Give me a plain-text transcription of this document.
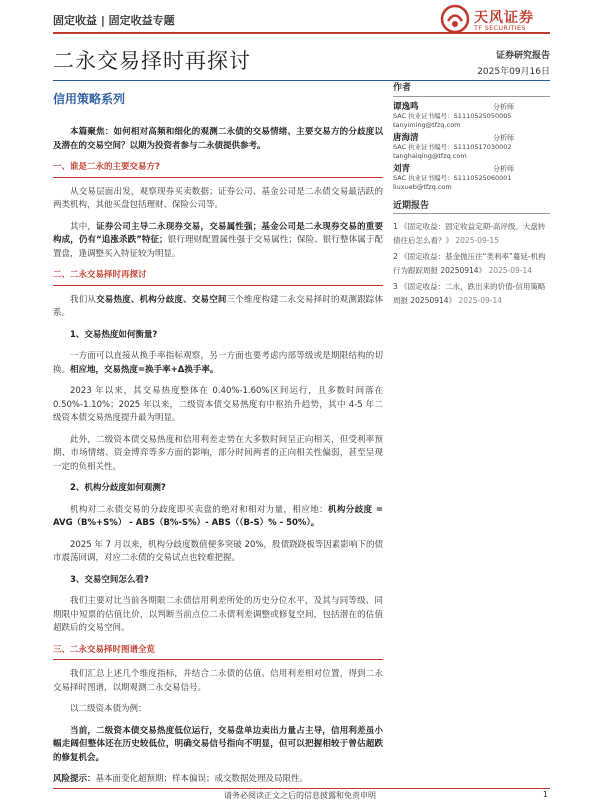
固定收益 | 固定收益专题	天风证券
TF SECURITIES
二永交易择时再探讨	证券研究报告
2025年09月16日
信用策略系列
作者
谭逸鸣	分析师
SAC 执业证书编号：S1110525050005
tanyiming@tfzq.com
唐海清	分析师
SAC 执业证书编号：S1110517030002
tanghaiqing@tfzq.com
刘青	分析师
SAC 执业证书编号：S1110525060001
liuxueb@tfzq.com
近期报告
1 《固定收益：固定收益定期-高评级、大盘转债往后怎么看？》 2025-09-15
2 《固定收益：基金抛压往“类利率”蔓延-机构行为跟踪周报 20250914》 2025-09-14
3 《固定收益：二永，跌出来的价值-信用策略周报 20250914》 2025-09-14

本篇聚焦：如何相对高频和细化的观测二永债的交易情绪、主要交易方的分歧度以及潜在的交易空间？以期为投资者参与二永债提供参考。

一、谁是二永的主要交易方?

从交易层面出发，观察现券买卖数据；证券公司、基金公司是二永债交易最活跃的两类机构，其他买盘包括理财、保险公司等。

其中，证券公司主导二永现券交易，交易属性强；基金公司是二永现券交易的重要构成，仍有“追涨杀跌”特征；银行理财配置属性强于交易属性；保险、银行整体属于配置盘，逢调整买入特征较为明显。

二、二永交易择时再探讨

我们从交易热度、机构分歧度、交易空间三个维度构建二永交易择时的观测跟踪体系。

1、交易热度如何衡量?

一方面可以直接从换手率指标观察，另一方面也要考虑内部等级或是期限结构的切换。相应地，交易热度=换手率+Δ换手率。

2023 年以来，其交易热度整体在 0.40%-1.60%区间运行，且多数时间落在 0.50%-1.10%；2025 年以来，二级资本债交易热度有中枢抬升趋势，其中 4-5 年二级资本债交易热度提升最为明显。

此外，二级资本债交易热度和信用利差走势在大多数时间呈正向相关，但受利率预期、市场情绪、资金博弈等多方面的影响，部分时间两者的正向相关性偏弱，甚至呈现一定的负相关性。

2、机构分歧度如何观测?

机构对二永债交易的分歧度即买卖盘的绝对和相对力量，相应地：机构分歧度 = AVG（B%+S%） - ABS（B%-S%）- ABS（（B-S）% - 50%）。

2025 年 7 月以来，机构分歧度数值便多突破 20%，股债跷跷板等因素影响下的债市震荡回调，对应二永债的交易试点也较难把握。

3、交易空间怎么看?

我们主要对比当前各期限二永债信用利差所处的历史分位水平，及其与同等级、同期限中短票的估值比价，以判断当前点位二永债利差调整或修复空间，包括潜在的估值超跌后的交易空间。

三、二永交易择时图谱全览

我们汇总上述几个维度指标，并结合二永债的估值、信用利差相对位置，得到二永交易择时图谱，以期观测二永交易信号。

以二级资本债为例：

当前，二级资本债交易热度低位运行，交易盘单边卖出力量占主导，信用利差虽小幅走阔但整体还在历史较低位，明确交易信号指向不明显，但可以把握相较于曾估超跌的修复机会。

风险提示：基本面变化超预期；样本偏误；成交数据处理及局限性。

请务必阅读正文之后的信息披露和免责申明	1
